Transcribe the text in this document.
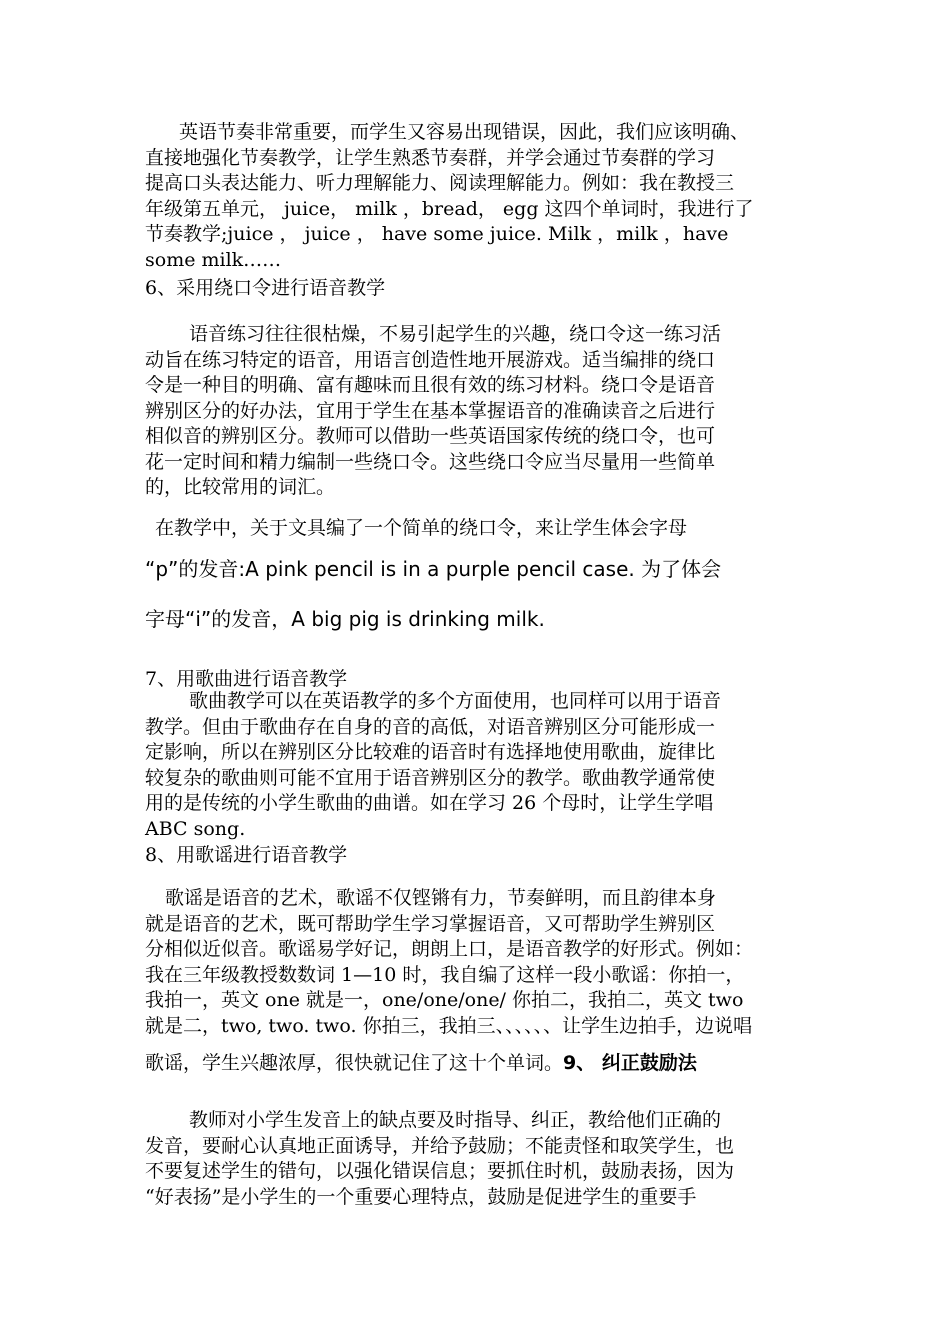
英语节奏非常重要，而学生又容易出现错误，因此，我们应该明确、
直接地强化节奏教学，让学生熟悉节奏群，并学会通过节奏群的学习
提高口头表达能力、听力理解能力、阅读理解能力。例如：我在教授三
年级第五单元， juice， milk ，bread， egg 这四个单词时，我进行了
节奏教学;juice ， juice ， have some juice. Milk ，milk ，have
some milk……
6、采用绕口令进行语音教学
语音练习往往很枯燥，不易引起学生的兴趣，绕口令这一练习活
动旨在练习特定的语音，用语言创造性地开展游戏。适当编排的绕口
令是一种目的明确、富有趣味而且很有效的练习材料。绕口令是语音
辨别区分的好办法，宜用于学生在基本掌握语音的准确读音之后进行
相似音的辨别区分。教师可以借助一些英语国家传统的绕口令，也可
花一定时间和精力编制一些绕口令。这些绕口令应当尽量用一些简单
的，比较常用的词汇。
在教学中，关于文具编了一个简单的绕口令，来让学生体会字母
“p”的发音:A pink pencil is in a purple pencil case. 为了体会
字母“i”的发音，A big pig is drinking milk.
7、用歌曲进行语音教学
歌曲教学可以在英语教学的多个方面使用，也同样可以用于语音
教学。但由于歌曲存在自身的音的高低，对语音辨别区分可能形成一
定影响，所以在辨别区分比较难的语音时有选择地使用歌曲，旋律比
较复杂的歌曲则可能不宜用于语音辨别区分的教学。歌曲教学通常使
用的是传统的小学生歌曲的曲谱。如在学习 26 个母时，让学生学唱
ABC song.
8、用歌谣进行语音教学
歌谣是语音的艺术，歌谣不仅铿锵有力，节奏鲜明，而且韵律本身
就是语音的艺术，既可帮助学生学习掌握语音，又可帮助学生辨别区
分相似近似音。歌谣易学好记，朗朗上口，是语音教学的好形式。例如：
我在三年级教授数数词 1—10 时，我自编了这样一段小歌谣：你拍一，
我拍一，英文 one 就是一，one/one/one/ 你拍二，我拍二，英文 two
就是二，two, two. two. 你拍三，我拍三、、、、、、让学生边拍手，边说唱
歌谣，学生兴趣浓厚，很快就记住了这十个单词。9、 纠正鼓励法
教师对小学生发音上的缺点要及时指导、纠正，教给他们正确的
发音，要耐心认真地正面诱导，并给予鼓励；不能责怪和取笑学生，也
不要复述学生的错句，以强化错误信息；要抓住时机，鼓励表扬，因为
“好表扬”是小学生的一个重要心理特点，鼓励是促进学生的重要手
